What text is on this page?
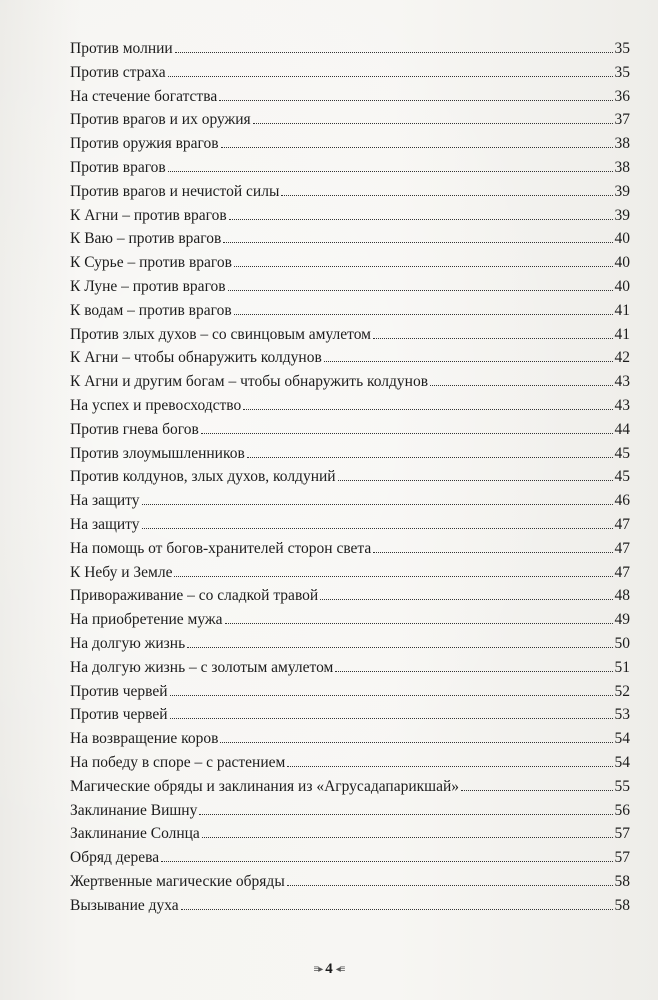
Против молнии	35
Против страха	35
На стечение богатства	36
Против врагов и их оружия	37
Против оружия врагов	38
Против врагов	38
Против врагов и нечистой силы	39
К Агни – против врагов	39
К Ваю – против врагов	40
К Сурье – против врагов	40
К Луне – против врагов	40
К водам – против врагов	41
Против злых духов – со свинцовым амулетом	41
К Агни – чтобы обнаружить колдунов	42
К Агни и другим богам – чтобы обнаружить колдунов	43
На успех и превосходство	43
Против гнева богов	44
Против злоумышленников	45
Против колдунов, злых духов, колдуний	45
На защиту	46
На защиту	47
На помощь от богов-хранителей сторон света	47
К Небу и Земле	47
Привораживание – со сладкой травой	48
На приобретение мужа	49
На долгую жизнь	50
На долгую жизнь – с золотым амулетом	51
Против червей	52
Против червей	53
На возвращение коров	54
На победу в споре – с растением	54
Магические обряды и заклинания из «Агрусадапарикшай»	55
Заклинание Вишну	56
Заклинание Солнца	57
Обряд дерева	57
Жертвенные магические обряды	58
Вызывание духа	58
≡▸ 4 ◂≡
